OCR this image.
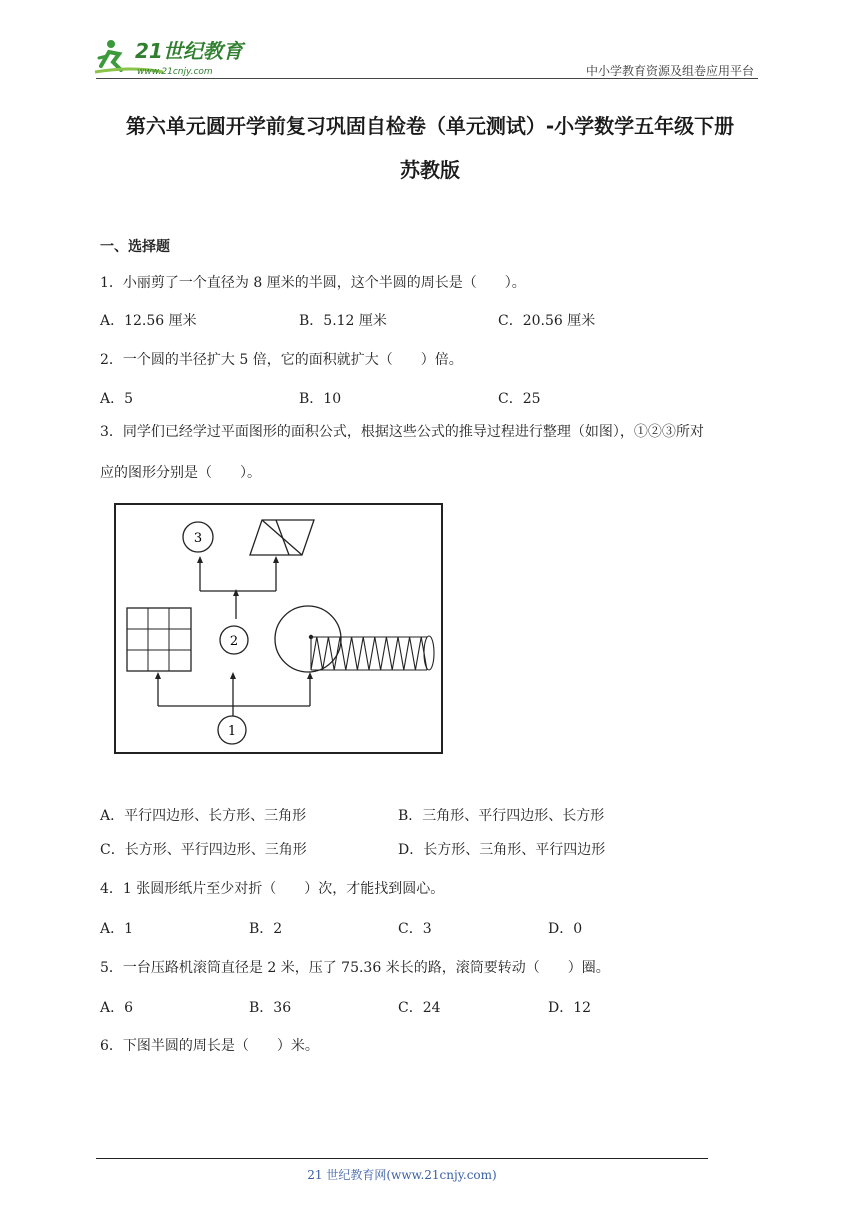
21世纪教育
www.21cnjy.com	中小学教育资源及组卷应用平台
第六单元圆开学前复习巩固自检卷（单元测试）-小学数学五年级下册
苏教版
一、选择题
1．小丽剪了一个直径为 8 厘米的半圆，这个半圆的周长是（　　）。
A．12.56 厘米	B．5.12 厘米	C．20.56 厘米
2．一个圆的半径扩大 5 倍，它的面积就扩大（　　）倍。
A．5	B．10	C．25
3．同学们已经学过平面图形的面积公式，根据这些公式的推导过程进行整理（如图），①②③所对
应的图形分别是（　　）。
3
2
1
A．平行四边形、长方形、三角形	B．三角形、平行四边形、长方形
C．长方形、平行四边形、三角形	D．长方形、三角形、平行四边形
4．1 张圆形纸片至少对折（　　）次，才能找到圆心。
A．1	B．2	C．3	D．0
5．一台压路机滚筒直径是 2 米，压了 75.36 米长的路，滚筒要转动（　　）圈。
A．6	B．36	C．24	D．12
6．下图半圆的周长是（　　）米。
21 世纪教育网(www.21cnjy.com)
